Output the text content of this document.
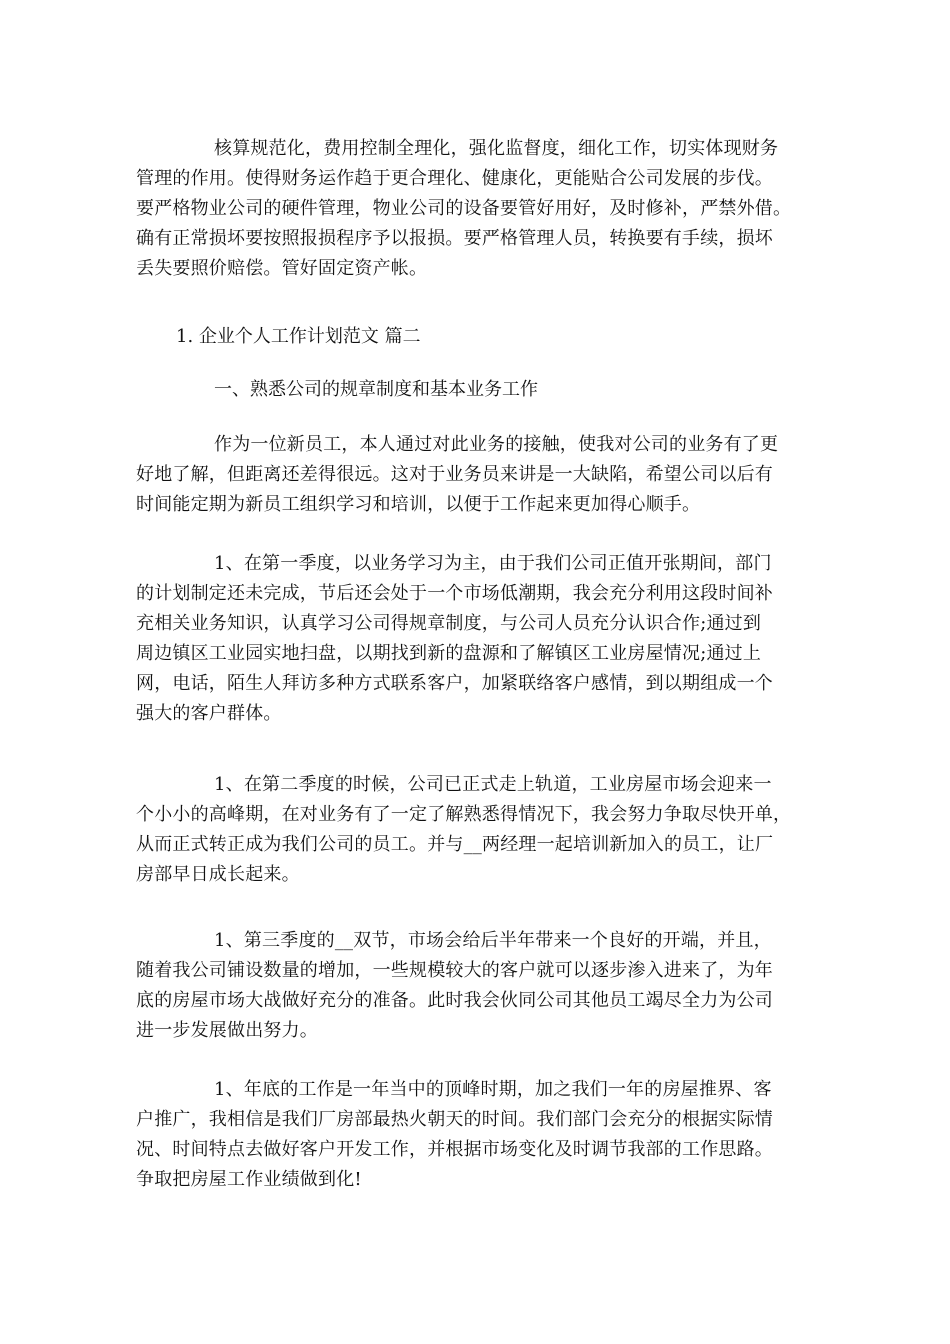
核算规范化，费用控制全理化，强化监督度，细化工作，切实体现财务
管理的作用。使得财务运作趋于更合理化、健康化，更能贴合公司发展的步伐。
要严格物业公司的硬件管理，物业公司的设备要管好用好，及时修补，严禁外借。
确有正常损坏要按照报损程序予以报损。要严格管理人员，转换要有手续，损坏
丢失要照价赔偿。管好固定资产帐。
1. 企业个人工作计划范文 篇二
一、熟悉公司的规章制度和基本业务工作
作为一位新员工，本人通过对此业务的接触，使我对公司的业务有了更
好地了解，但距离还差得很远。这对于业务员来讲是一大缺陷，希望公司以后有
时间能定期为新员工组织学习和培训，以便于工作起来更加得心顺手。
1、在第一季度，以业务学习为主，由于我们公司正值开张期间，部门
的计划制定还未完成，节后还会处于一个市场低潮期，我会充分利用这段时间补
充相关业务知识，认真学习公司得规章制度，与公司人员充分认识合作;通过到
周边镇区工业园实地扫盘，以期找到新的盘源和了解镇区工业房屋情况;通过上
网，电话，陌生人拜访多种方式联系客户，加紧联络客户感情，到以期组成一个
强大的客户群体。
1、在第二季度的时候，公司已正式走上轨道，工业房屋市场会迎来一
个小小的高峰期，在对业务有了一定了解熟悉得情况下，我会努力争取尽快开单，
从而正式转正成为我们公司的员工。并与__两经理一起培训新加入的员工，让厂
房部早日成长起来。
1、第三季度的__双节，市场会给后半年带来一个良好的开端，并且，
随着我公司铺设数量的增加，一些规模较大的客户就可以逐步渗入进来了，为年
底的房屋市场大战做好充分的准备。此时我会伙同公司其他员工竭尽全力为公司
进一步发展做出努力。
1、年底的工作是一年当中的顶峰时期，加之我们一年的房屋推界、客
户推广，我相信是我们厂房部最热火朝天的时间。我们部门会充分的根据实际情
况、时间特点去做好客户开发工作，并根据市场变化及时调节我部的工作思路。
争取把房屋工作业绩做到化!
